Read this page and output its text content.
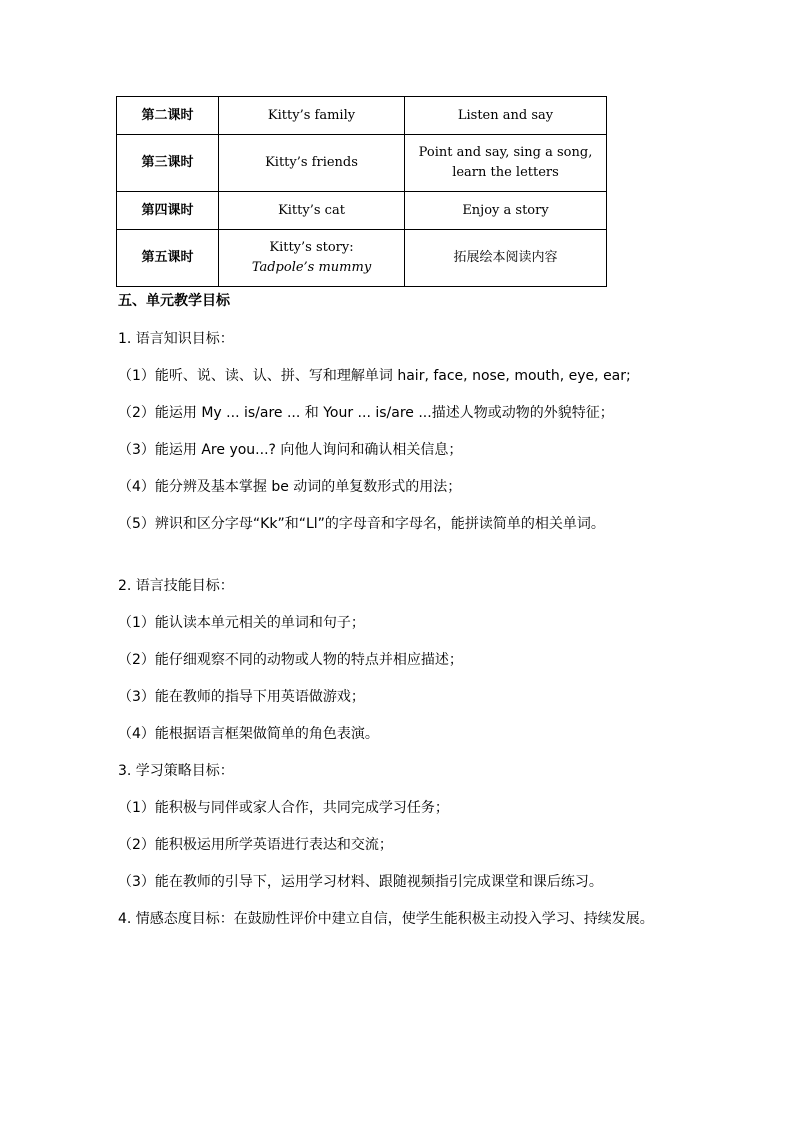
第二课时	Kitty’s family	Listen and say
第三课时	Kitty’s friends	Point and say, sing a song,
learn the letters

第四课时	Kitty’s cat	Enjoy a story
第五课时	Kitty’s story:
Tadpole’s mummy	拓展绘本阅读内容
五、单元教学目标
1. 语言知识目标：
（1）能听、说、读、认、拼、写和理解单词 hair, face, nose, mouth, eye, ear;
（2）能运用 My ... is/are ... 和 Your ... is/are ...描述人物或动物的外貌特征；
（3）能运用 Are you...? 向他人询问和确认相关信息；
（4）能分辨及基本掌握 be 动词的单复数形式的用法；
（5）辨识和区分字母“Kk”和“Ll”的字母音和字母名，能拼读简单的相关单词。
2. 语言技能目标：
（1）能认读本单元相关的单词和句子；
（2）能仔细观察不同的动物或人物的特点并相应描述；
（3）能在教师的指导下用英语做游戏；
（4）能根据语言框架做简单的角色表演。
3. 学习策略目标：
（1）能积极与同伴或家人合作，共同完成学习任务；
（2）能积极运用所学英语进行表达和交流；
（3）能在教师的引导下，运用学习材料、跟随视频指引完成课堂和课后练习。
4. 情感态度目标：在鼓励性评价中建立自信，使学生能积极主动投入学习、持续发展。
